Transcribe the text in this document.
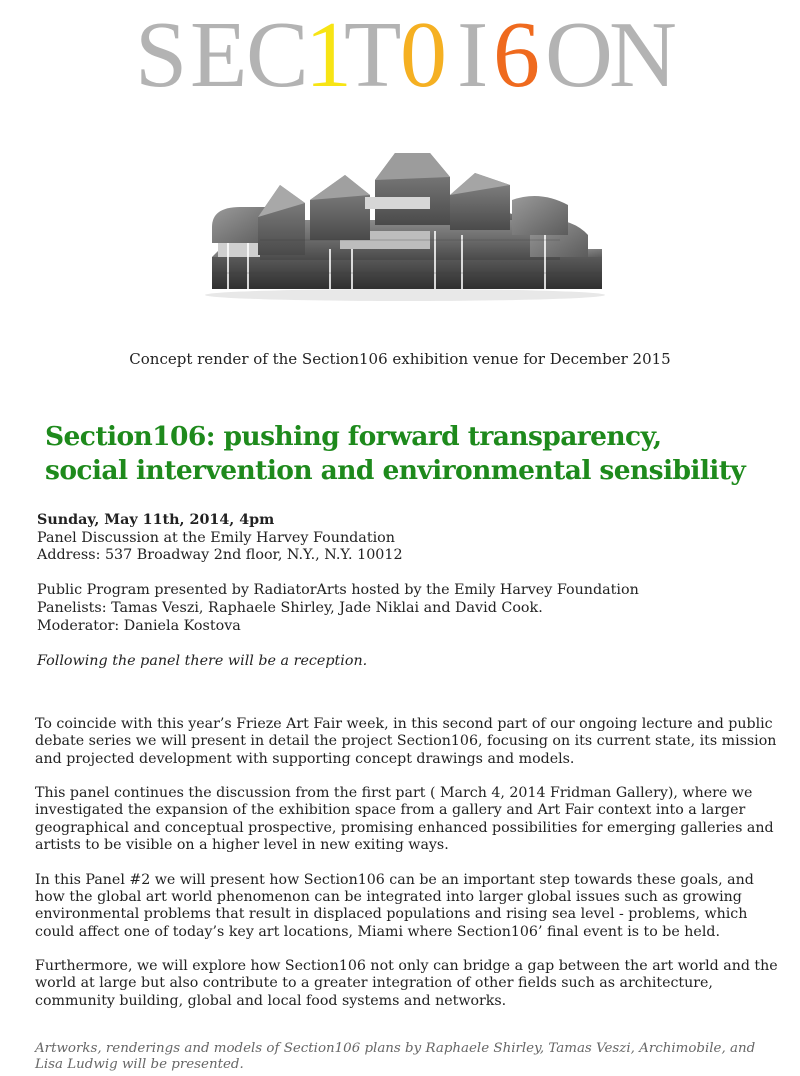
S E
C
1
T
0 I 6 O
N
Concept render of the Section106 exhibition venue for December 2015
Section106: pushing forward transparency,
social intervention and environmental sensibility
Sunday, May 11th, 2014, 4pm
Panel Discussion at the Emily Harvey Foundation
Address: 537 Broadway 2nd floor, N.Y., N.Y. 10012
Public Program presented by RadiatorArts hosted by the Emily Harvey Foundation
Panelists: Tamas Veszi, Raphaele Shirley, Jade Niklai and David Cook.
Moderator: Daniela Kostova
Following the panel there will be a reception.

To coincide with this year’s Frieze Art Fair week, in this second part of our ongoing lecture and public debate series we will present in detail the project Section106, focusing on its current state, its mission and projected development with supporting concept drawings and models.

This panel continues the discussion from the first part ( March 4, 2014 Fridman Gallery), where we investigated the expansion of the exhibition space from a gallery and Art Fair context into a larger geographical and conceptual prospective, promising enhanced possibilities for emerging galleries and artists to be visible on a higher level in new exiting ways.

In this Panel #2 we will present how Section106 can be an important step towards these goals, and
how the global art world phenomenon can be integrated into larger global issues such as growing environmental problems that result in displaced populations and rising sea level - problems, which could affect one of today’s key art locations, Miami where Section106’ final event is to be held.

Furthermore, we will explore how Section106 not only can bridge a gap between the art world and the world at large but also contribute to a greater integration of other fields such as architecture, community building, global and local food systems and networks.

Artworks, renderings and models of Section106 plans by Raphaele Shirley, Tamas Veszi, Archimobile, and Lisa Ludwig will be presented.
